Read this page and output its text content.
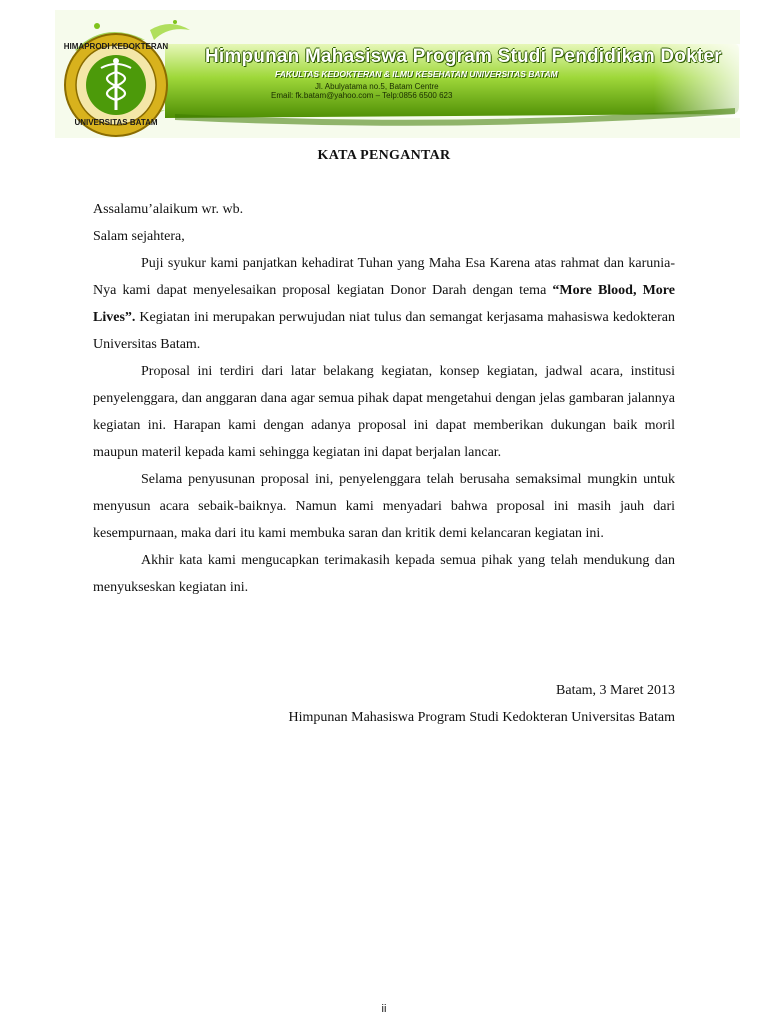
HIMAPRODI KEDOKTERAN
UNIVERSITAS BATAM
Himpunan Mahasiswa Program Studi Pendidikan Dokter
FAKULTAS KEDOKTERAN & ILMU KESEHATAN UNIVERSITAS BATAM
Jl. Abulyatama no.5, Batam Centre
Email: fk.batam@yahoo.com – Telp:0856 6500 623
KATA PENGANTAR

Assalamu’alaikum wr. wb.

Salam sejahtera,

Puji syukur kami panjatkan kehadirat Tuhan yang Maha Esa Karena atas rahmat dan karunia-Nya kami dapat menyelesaikan proposal kegiatan Donor Darah dengan tema “More Blood, More Lives”. Kegiatan ini merupakan perwujudan niat tulus dan semangat kerjasama mahasiswa kedokteran Universitas Batam.

Proposal ini terdiri dari latar belakang kegiatan, konsep kegiatan, jadwal acara, institusi penyelenggara, dan anggaran dana agar semua pihak dapat mengetahui dengan jelas gambaran jalannya kegiatan ini. Harapan kami dengan adanya proposal ini dapat memberikan dukungan baik moril maupun materil kepada kami sehingga kegiatan ini dapat berjalan lancar.

Selama penyusunan proposal ini, penyelenggara telah berusaha semaksimal mungkin untuk menyusun acara sebaik-baiknya. Namun kami menyadari bahwa proposal ini masih jauh dari kesempurnaan, maka dari itu kami membuka saran dan kritik demi kelancaran kegiatan ini.

Akhir kata kami mengucapkan terimakasih kepada semua pihak yang telah mendukung dan menyukseskan kegiatan ini.

Batam, 3 Maret 2013
Himpunan Mahasiswa Program Studi Kedokteran Universitas Batam
ii
